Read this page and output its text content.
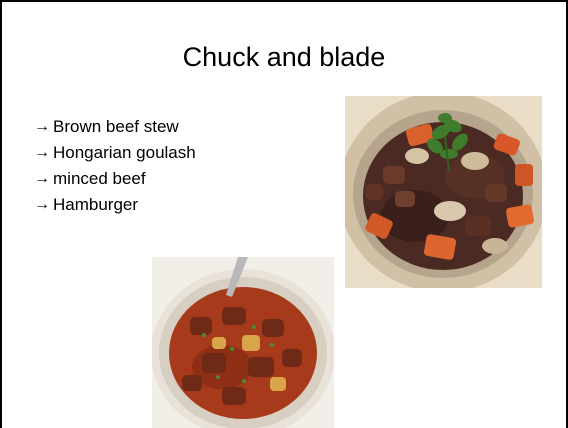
Chuck and blade
→ Brown beef stew
→ Hongarian goulash
→ minced beef
→ Hamburger
